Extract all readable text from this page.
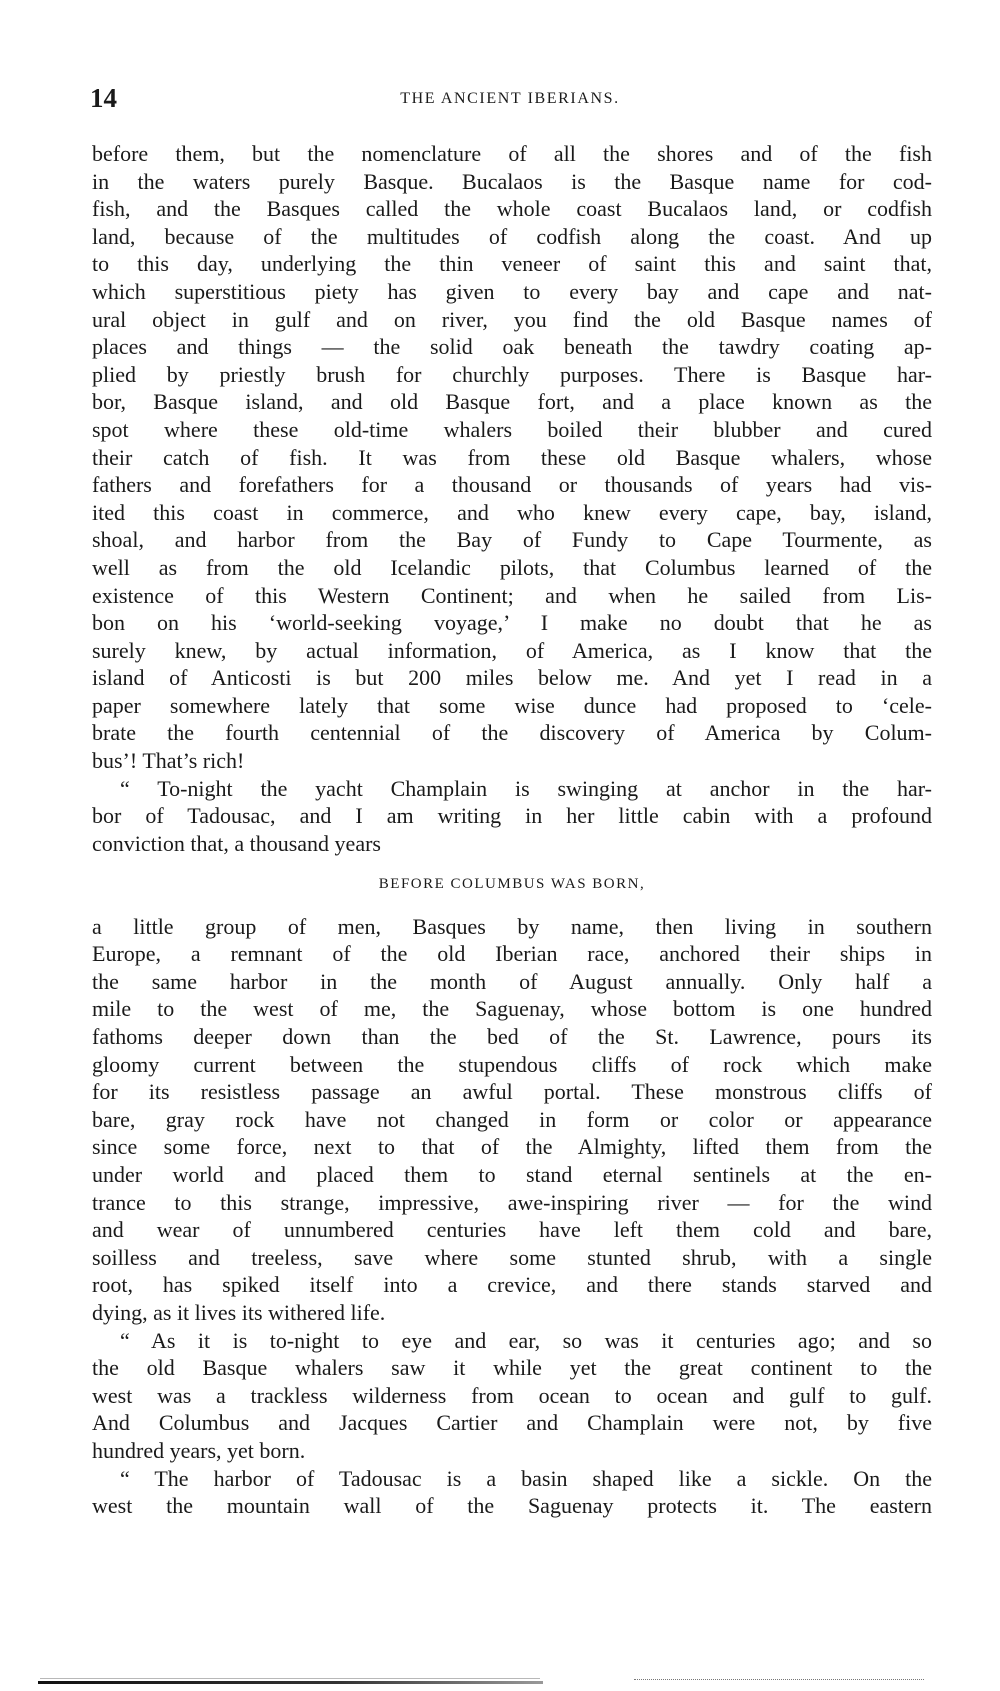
14	THE ANCIENT IBERIANS.
before them, but the nomenclature of all the shores and of the fish
in the waters purely Basque. Bucalaos is the Basque name for cod-
fish, and the Basques called the whole coast Bucalaos land, or codfish
land, because of the multitudes of codfish along the coast. And up
to this day, underlying the thin veneer of saint this and saint that,
which superstitious piety has given to every bay and cape and nat-
ural object in gulf and on river, you find the old Basque names of
places and things — the solid oak beneath the tawdry coating ap-
plied by priestly brush for churchly purposes. There is Basque har-
bor, Basque island, and old Basque fort, and a place known as the
spot where these old-time whalers boiled their blubber and cured
their catch of fish. It was from these old Basque whalers, whose
fathers and forefathers for a thousand or thousands of years had vis-
ited this coast in commerce, and who knew every cape, bay, island,
shoal, and harbor from the Bay of Fundy to Cape Tourmente, as
well as from the old Icelandic pilots, that Columbus learned of the
existence of this Western Continent; and when he sailed from Lis-
bon on his ‘world-seeking voyage,’ I make no doubt that he as
surely knew, by actual information, of America, as I know that the
island of Anticosti is but 200 miles below me. And yet I read in a
paper somewhere lately that some wise dunce had proposed to ‘cele-
brate the fourth centennial of the discovery of America by Colum-
bus’! That’s rich!
“ To-night the yacht Champlain is swinging at anchor in the har-
bor of Tadousac, and I am writing in her little cabin with a profound
conviction that, a thousand years
BEFORE COLUMBUS WAS BORN,
a little group of men, Basques by name, then living in southern
Europe, a remnant of the old Iberian race, anchored their ships in
the same harbor in the month of August annually. Only half a
mile to the west of me, the Saguenay, whose bottom is one hundred
fathoms deeper down than the bed of the St. Lawrence, pours its
gloomy current between the stupendous cliffs of rock which make
for its resistless passage an awful portal. These monstrous cliffs of
bare, gray rock have not changed in form or color or appearance
since some force, next to that of the Almighty, lifted them from the
under world and placed them to stand eternal sentinels at the en-
trance to this strange, impressive, awe-inspiring river — for the wind
and wear of unnumbered centuries have left them cold and bare,
soilless and treeless, save where some stunted shrub, with a single
root, has spiked itself into a crevice, and there stands starved and
dying, as it lives its withered life.
“ As it is to-night to eye and ear, so was it centuries ago; and so
the old Basque whalers saw it while yet the great continent to the
west was a trackless wilderness from ocean to ocean and gulf to gulf.
And Columbus and Jacques Cartier and Champlain were not, by five
hundred years, yet born.
“ The harbor of Tadousac is a basin shaped like a sickle. On the
west the mountain wall of the Saguenay protects it. The eastern
